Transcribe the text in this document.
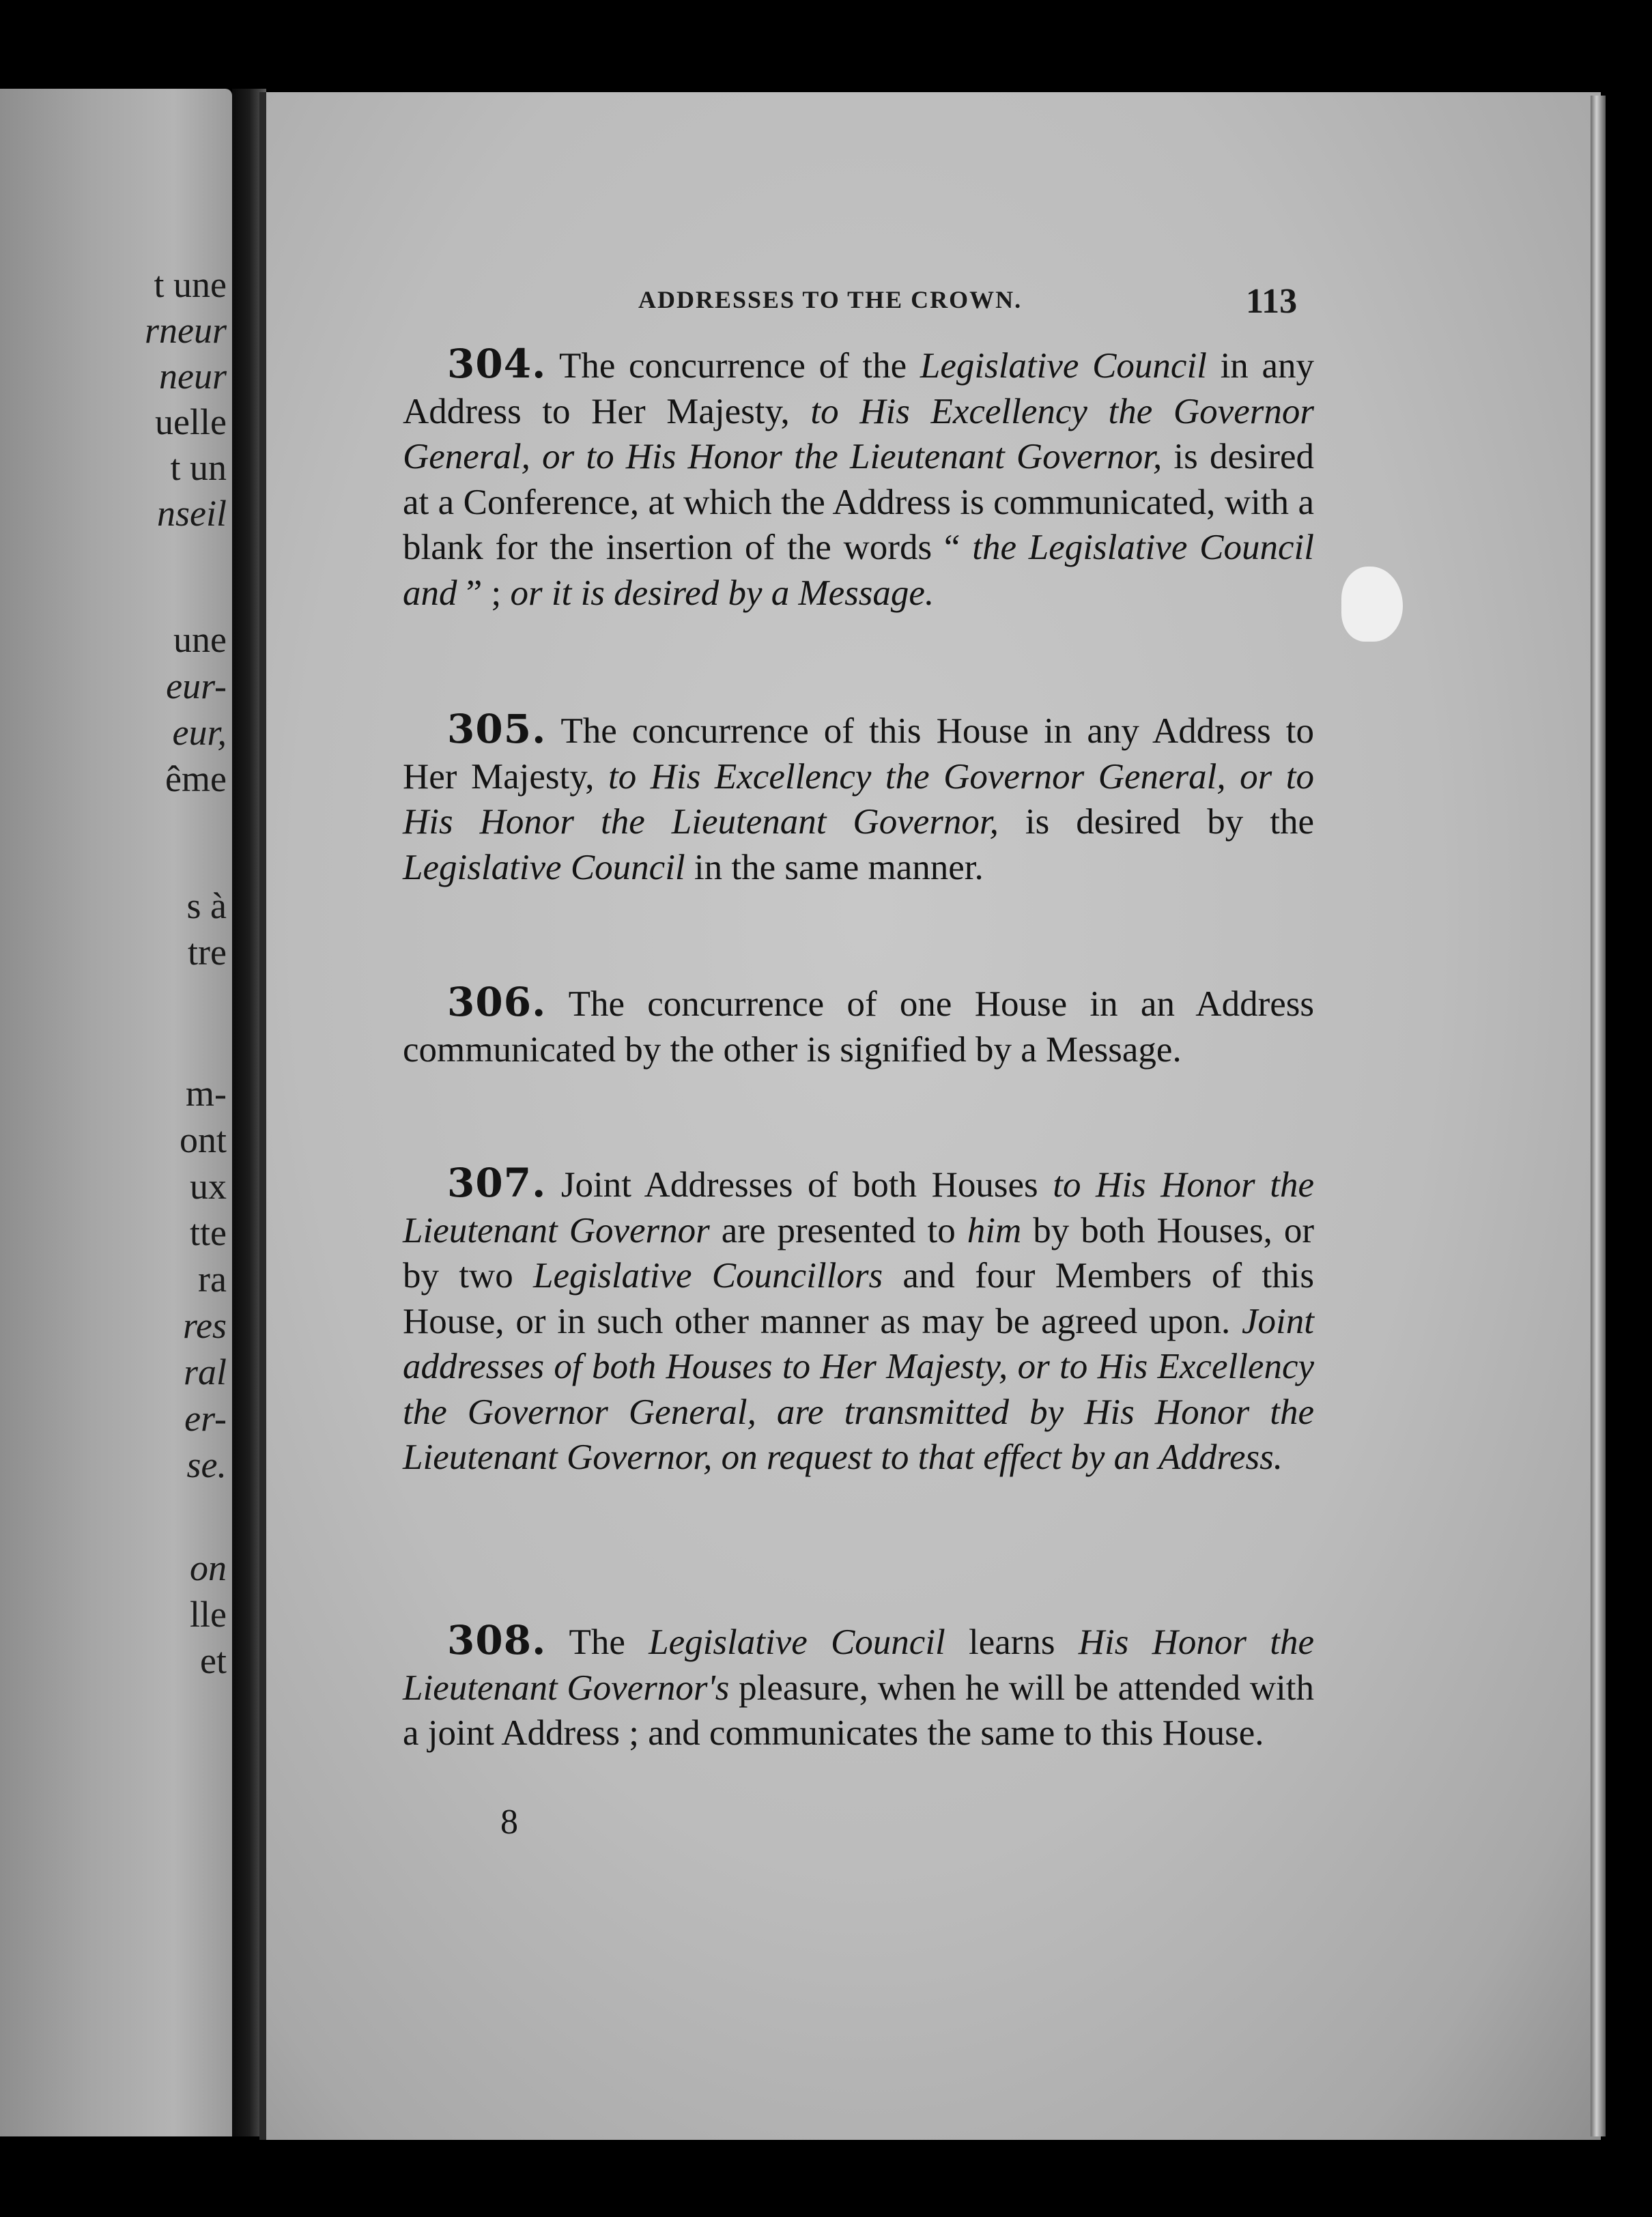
t une
rneur
neur
uelle
t un
nseil
une
eur-
eur,
ême
s à
tre
m-
ont
ux
tte
ra
res
ral
er-
se.
on
lle
et
ADDRESSES TO THE CROWN.	113
304. The concurrence of the Legislative Council in any Address to Her Majesty, to His Excellency the Governor General, or to His Honor the Lieutenant Governor, is desired at a Conference, at which the Address is communicated, with a blank for the insertion of the words “ the Legislative Council and ” ; or it is desired by a Message.
305. The concurrence of this House in any Address to Her Majesty, to His Excellency the Governor General, or to His Honor the Lieutenant Governor, is desired by the Legislative Council in the same manner.
306. The concurrence of one House in an Address communicated by the other is signified by a Message.
307. Joint Addresses of both Houses to His Honor the Lieutenant Governor are presented to him by both Houses, or by two Legislative Councillors and four Members of this House, or in such other manner as may be agreed upon. Joint addresses of both Houses to Her Majesty, or to His Excellency the Governor General, are transmitted by His Honor the Lieutenant Governor, on request to that effect by an Address.
308. The Legislative Council learns His Honor the Lieutenant Governor's pleasure, when he will be attended with a joint Address ; and communicates the same to this House.
8
